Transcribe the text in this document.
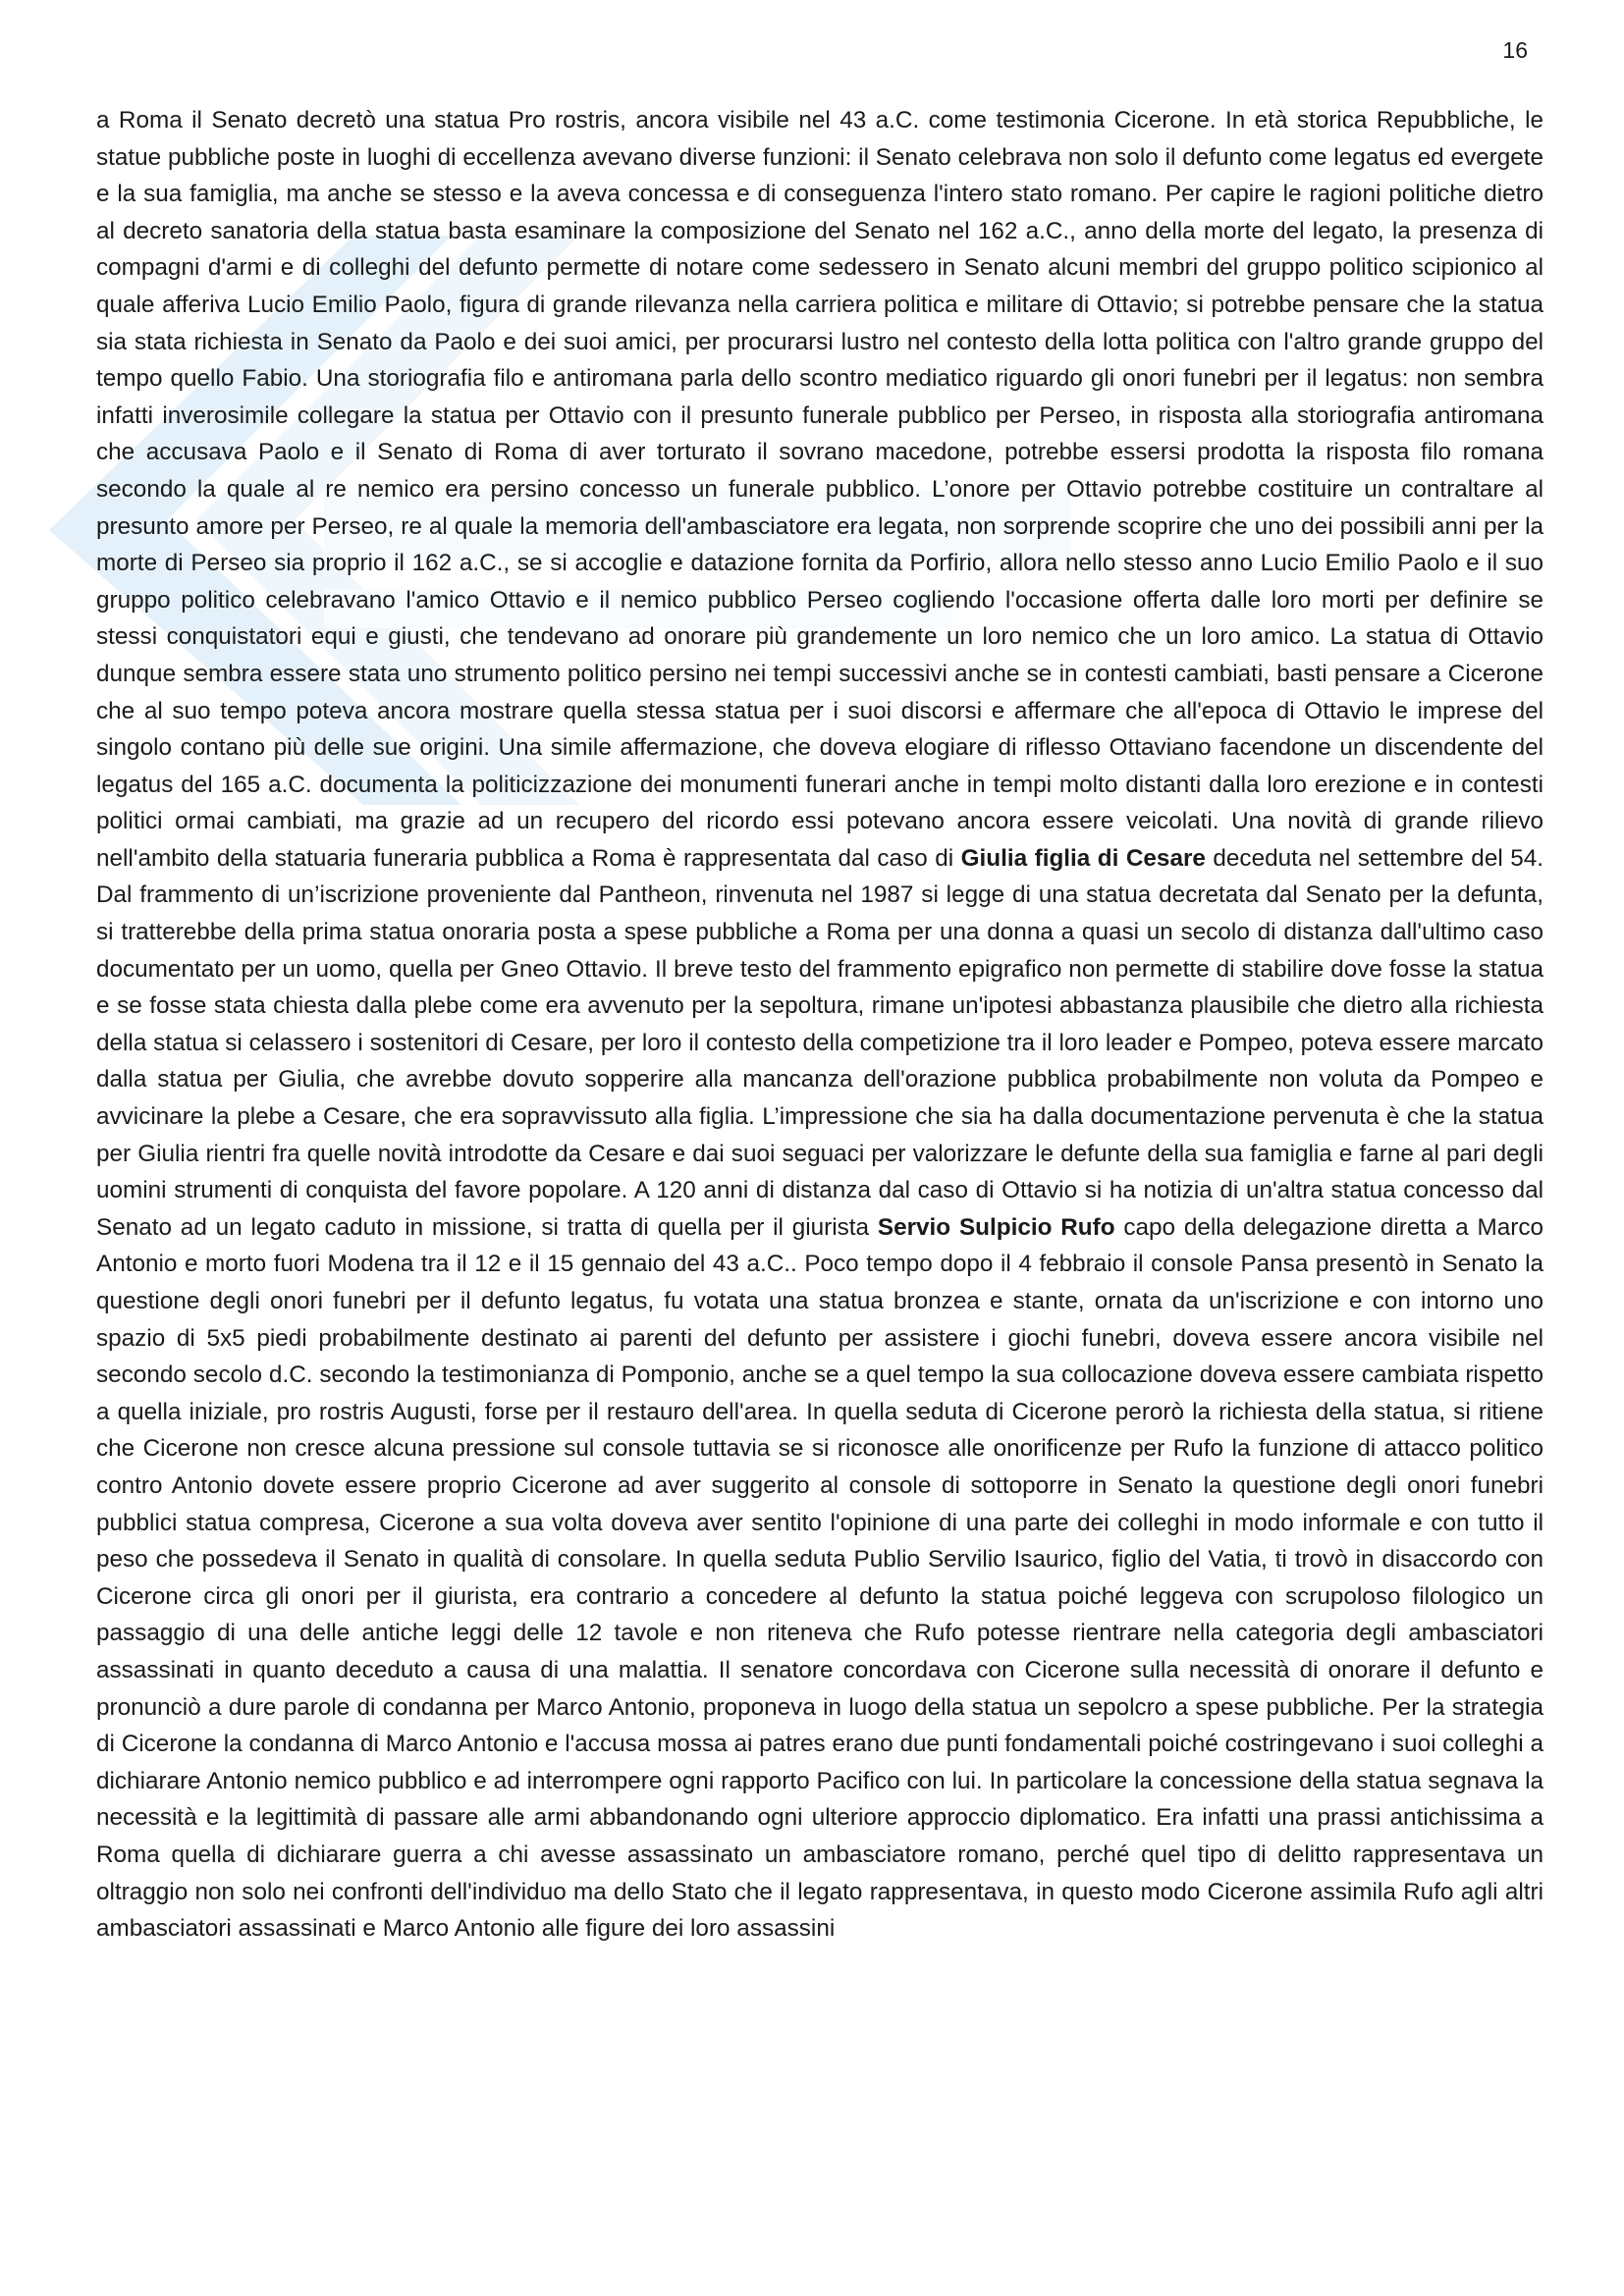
16

a Roma il Senato decretò una statua Pro rostris, ancora visibile nel 43 a.C. come testimonia Cicerone. In età storica Repubbliche, le statue pubbliche poste in luoghi di eccellenza avevano diverse funzioni: il Senato celebrava non solo il defunto come legatus ed evergete e la sua famiglia, ma anche se stesso e la aveva concessa e di conseguenza l'intero stato romano. Per capire le ragioni politiche dietro al decreto sanatoria della statua basta esaminare la composizione del Senato nel 162 a.C., anno della morte del legato, la presenza di compagni d'armi e di colleghi del defunto permette di notare come sedessero in Senato alcuni membri del gruppo politico scipionico al quale afferiva Lucio Emilio Paolo, figura di grande rilevanza nella carriera politica e militare di Ottavio; si potrebbe pensare che la statua sia stata richiesta in Senato da Paolo e dei suoi amici, per procurarsi lustro nel contesto della lotta politica con l'altro grande gruppo del tempo quello Fabio. Una storiografia filo e antiromana parla dello scontro mediatico riguardo gli onori funebri per il legatus: non sembra infatti inverosimile collegare la statua per Ottavio con il presunto funerale pubblico per Perseo, in risposta alla storiografia antiromana che accusava Paolo e il Senato di Roma di aver torturato il sovrano macedone, potrebbe essersi prodotta la risposta filo romana secondo la quale al re nemico era persino concesso un funerale pubblico. L’onore per Ottavio potrebbe costituire un contraltare al presunto amore per Perseo, re al quale la memoria dell'ambasciatore era legata, non sorprende scoprire che uno dei possibili anni per la morte di Perseo sia proprio il 162 a.C., se si accoglie e datazione fornita da Porfirio, allora nello stesso anno Lucio Emilio Paolo e il suo gruppo politico celebravano l'amico Ottavio e il nemico pubblico Perseo cogliendo l'occasione offerta dalle loro morti per definire se stessi conquistatori equi e giusti, che tendevano ad onorare più grandemente un loro nemico che un loro amico. La statua di Ottavio dunque sembra essere stata uno strumento politico persino nei tempi successivi anche se in contesti cambiati, basti pensare a Cicerone che al suo tempo poteva ancora mostrare quella stessa statua per i suoi discorsi e affermare che all'epoca di Ottavio le imprese del singolo contano più delle sue origini. Una simile affermazione, che doveva elogiare di riflesso Ottaviano facendone un discendente del legatus del 165 a.C. documenta la politicizzazione dei monumenti funerari anche in tempi molto distanti dalla loro erezione e in contesti politici ormai cambiati, ma grazie ad un recupero del ricordo essi potevano ancora essere veicolati. Una novità di grande rilievo nell'ambito della statuaria funeraria pubblica a Roma è rappresentata dal caso di Giulia figlia di Cesare deceduta nel settembre del 54. Dal frammento di un’iscrizione proveniente dal Pantheon, rinvenuta nel 1987 si legge di una statua decretata dal Senato per la defunta, si tratterebbe della prima statua onoraria posta a spese pubbliche a Roma per una donna a quasi un secolo di distanza dall'ultimo caso documentato per un uomo, quella per Gneo Ottavio. Il breve testo del frammento epigrafico non permette di stabilire dove fosse la statua e se fosse stata chiesta dalla plebe come era avvenuto per la sepoltura, rimane un'ipotesi abbastanza plausibile che dietro alla richiesta della statua si celassero i sostenitori di Cesare, per loro il contesto della competizione tra il loro leader e Pompeo, poteva essere marcato dalla statua per Giulia, che avrebbe dovuto sopperire alla mancanza dell'orazione pubblica probabilmente non voluta da Pompeo e avvicinare la plebe a Cesare, che era sopravvissuto alla figlia. L’impressione che sia ha dalla documentazione pervenuta è che la statua per Giulia rientri fra quelle novità introdotte da Cesare e dai suoi seguaci per valorizzare le defunte della sua famiglia e farne al pari degli uomini strumenti di conquista del favore popolare. A 120 anni di distanza dal caso di Ottavio si ha notizia di un'altra statua concesso dal Senato ad un legato caduto in missione, si tratta di quella per il giurista Servio Sulpicio Rufo capo della delegazione diretta a Marco Antonio e morto fuori Modena tra il 12 e il 15 gennaio del 43 a.C.. Poco tempo dopo il 4 febbraio il console Pansa presentò in Senato la questione degli onori funebri per il defunto legatus, fu votata una statua bronzea e stante, ornata da un'iscrizione e con intorno uno spazio di 5x5 piedi probabilmente destinato ai parenti del defunto per assistere i giochi funebri, doveva essere ancora visibile nel secondo secolo d.C. secondo la testimonianza di Pomponio, anche se a quel tempo la sua collocazione doveva essere cambiata rispetto a quella iniziale, pro rostris Augusti, forse per il restauro dell'area. In quella seduta di Cicerone perorò la richiesta della statua, si ritiene che Cicerone non cresce alcuna pressione sul console tuttavia se si riconosce alle onorificenze per Rufo la funzione di attacco politico contro Antonio dovete essere proprio Cicerone ad aver suggerito al console di sottoporre in Senato la questione degli onori funebri pubblici statua compresa, Cicerone a sua volta doveva aver sentito l'opinione di una parte dei colleghi in modo informale e con tutto il peso che possedeva il Senato in qualità di consolare. In quella seduta Publio Servilio Isaurico, figlio del Vatia, ti trovò in disaccordo con Cicerone circa gli onori per il giurista, era contrario a concedere al defunto la statua poiché leggeva con scrupoloso filologico un passaggio di una delle antiche leggi delle 12 tavole e non riteneva che Rufo potesse rientrare nella categoria degli ambasciatori assassinati in quanto deceduto a causa di una malattia. Il senatore concordava con Cicerone sulla necessità di onorare il defunto e pronunciò a dure parole di condanna per Marco Antonio, proponeva in luogo della statua un sepolcro a spese pubbliche. Per la strategia di Cicerone la condanna di Marco Antonio e l'accusa mossa ai patres erano due punti fondamentali poiché costringevano i suoi colleghi a dichiarare Antonio nemico pubblico e ad interrompere ogni rapporto Pacifico con lui. In particolare la concessione della statua segnava la necessità e la legittimità di passare alle armi abbandonando ogni ulteriore approccio diplomatico. Era infatti una prassi antichissima a Roma quella di dichiarare guerra a chi avesse assassinato un ambasciatore romano, perché quel tipo di delitto rappresentava un oltraggio non solo nei confronti dell'individuo ma dello Stato che il legato rappresentava, in questo modo Cicerone assimila Rufo agli altri ambasciatori assassinati e Marco Antonio alle figure dei loro assassini
